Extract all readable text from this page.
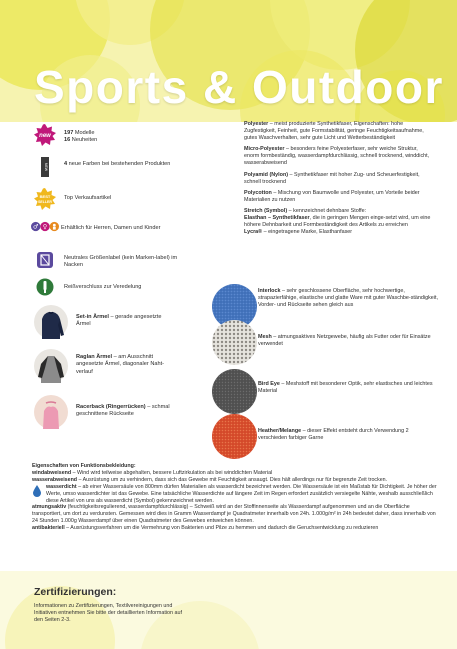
Sports & Outdoor
new 197 Modelle
16 Neuheiten
NEW	4 neue Farben bei bestehenden Produkten
BEST
SELLER
Top Verkaufsartikel
♂ ♀ Erhältlich für Herren, Damen und Kinder
Neutrales Größenlabel (kein Marken-label) im Nacken
Reißverschluss zur Veredelung
Set-in Ärmel – gerade angesetzte Ärmel
Raglan Ärmel – am Ausschnitt angesetzte Ärmel, diagonaler Naht-verlauf
Racerback (Ringerrücken) – schmal geschnittene Rückseite

Polyester – meist produzierte Synthetikfaser, Eigenschaften: hohe Zugfestigkeit, Feinheit, gute Formstabilität, geringe Feuchtigkeitsaufnahme, gutes Waschverhalten, sehr gute Licht und Wetterbeständigkeit

Micro-Polyester – besonders feine Polyesterfaser, sehr weiche Struktur, enorm formbeständig, wasserdampfdurchlässig, schnell trocknend, winddicht, wasserabweisend

Polyamid (Nylon) – Synthetikfaser mit hoher Zug- und Scheuerfestigkeit, schnell trocknend

Polycotton – Mischung von Baumwolle und Polyester, um Vorteile beider Materialien zu nutzen

Stretch (Symbol) – kennzeichnet dehnbare Stoffe:
Elasthan – Synthetikfaser, die in geringen Mengen einge-setzt wird, um eine höhere Dehnbarkeit und Formbeständigkeit des Artikels zu erreichen
Lycra® – eingetragene Marke, Elasthanfaser

Interlock – sehr geschlossene Oberfläche, sehr hochwertige, strapazierfähige, elastische und glatte Ware mit guter Waschbe-ständigkeit, Vorder- und Rückseite sehen gleich aus
Mesh – atmungsaktives Netzgewebe, häufig als Futter oder für Einsätze verwendet
Bird Eye – Meshstoff mit besonderer Optik, sehr elastisches und leichtes Material
Heather/Melange – dieser Effekt entsteht durch Verwendung 2 verschieden farbiger Garne
Eigenschaften von Funktionsbekleidung:
windabweisend – Wind wird teilweise abgehalten, bessere Luftzirkulation als bei winddichten Material
wasserabweisend – Ausrüstung um zu verhindern, dass sich das Gewebe mit Feuchtigkeit ansaugt. Dies hält allerdings nur für begrenzte Zeit trocken.
wasserdicht – ab einer Wassersäule von 800mm dürfen Materialien als wasserdicht bezeichnet werden. Die Wassersäule ist ein Maßstab für Dichtigkeit. Je höher der Werte, umso wasserdichter ist das Gewebe. Eine tatsächliche Wasserdichte auf längere Zeit im Regen erfordert zusätzlich versiegelte Nähte, weshalb ausschließlich diese Artikel von uns als wasserdicht (Symbol) gekennzeichnet werden.
atmungsaktiv (feuchtigkeitsregulierend, wasserdampfdurchlässig) – Schweiß wird an der Stoffinnenseite als Wasserdampf aufgenommen und an die Oberfläche transportiert, um dort zu verdunsten. Gemessen wird dies in Gramm Wasserdampf je Quadratmeter innerhalb von 24h. 1.000g/m² in 24h bedeutet daher, dass innerhalb von 24 Stunden 1.000g Wasserdampf über einen Quadratmeter des Gewebes entweichen können.
antibakteriell – Ausrüstungsverfahren um die Vermehrung von Bakterien und Pilze zu hemmen und dadurch die Geruchsentwicklung zu reduzieren
Zertifizierungen:
Informationen zu Zertifizierungen, Textilvereinigungen und Initiativen entnehmen Sie bitte der detaillierten Information auf den Seiten 2-3.
